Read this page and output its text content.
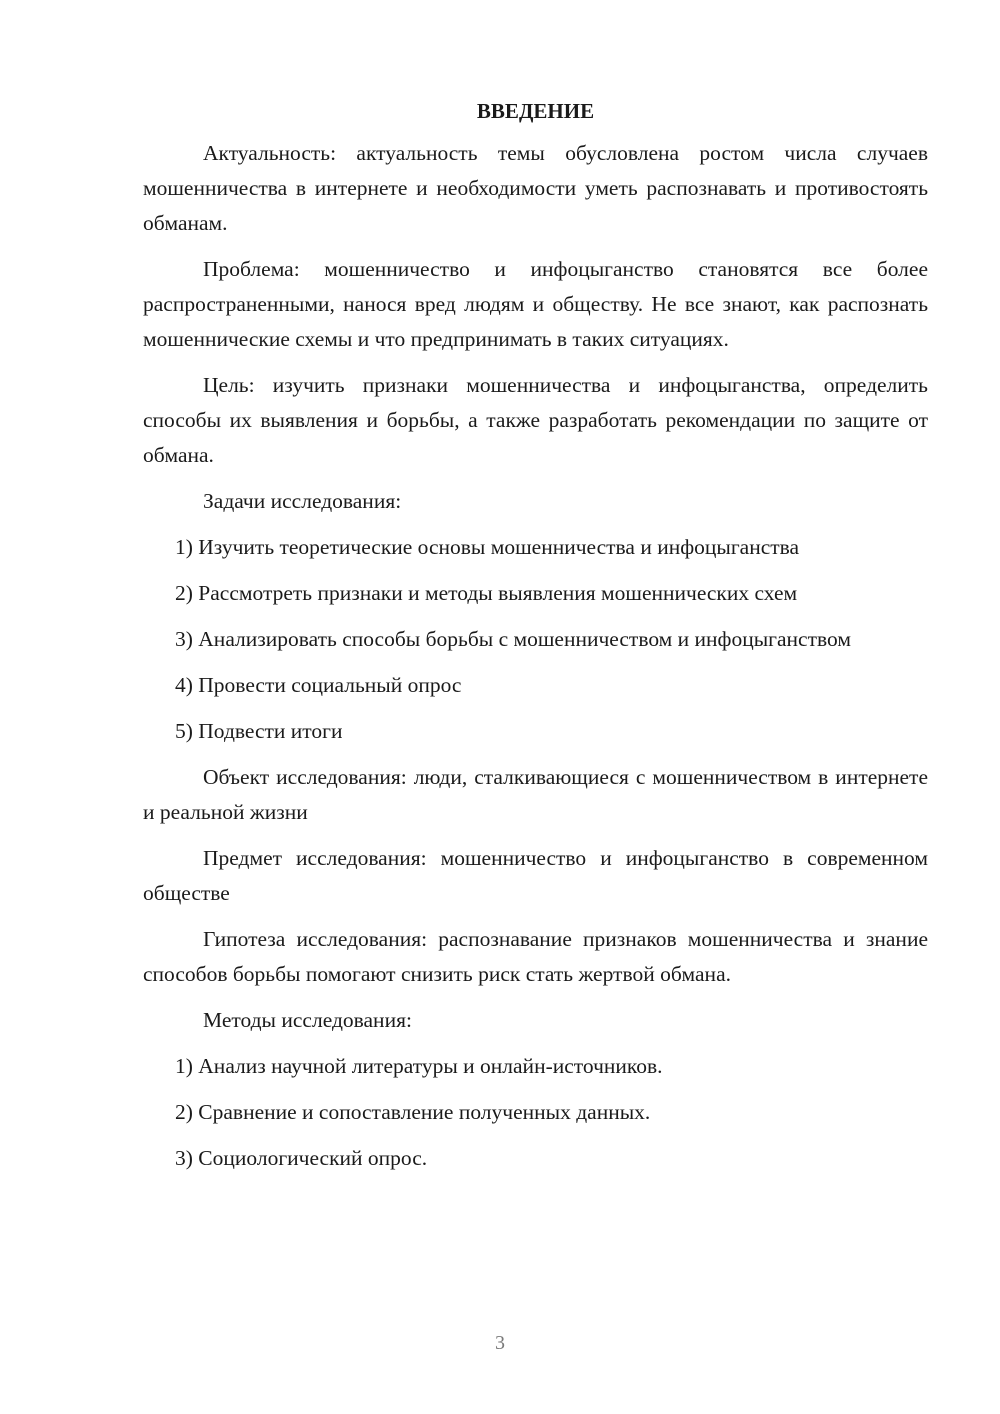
ВВЕДЕНИЕ

Актуальность: актуальность темы обусловлена ростом числа случаев мошенничества в интернете и необходимости уметь распознавать и противостоять обманам.

Проблема: мошенничество и инфоцыганство становятся все более распространенными, нанося вред людям и обществу. Не все знают, как распознать мошеннические схемы и что предпринимать в таких ситуациях.

Цель: изучить признаки мошенничества и инфоцыганства, определить способы их выявления и борьбы, а также разработать рекомендации по защите от обмана.

Задачи исследования:

1) Изучить теоретические основы мошенничества и инфоцыганства

2) Рассмотреть признаки и методы выявления мошеннических схем

3) Анализировать способы борьбы с мошенничеством и инфоцыганством

4) Провести социальный опрос

5) Подвести итоги

Объект исследования: люди, сталкивающиеся с мошенничеством в интернете и реальной жизни

Предмет исследования: мошенничество и инфоцыганство в современном обществе

Гипотеза исследования: распознавание признаков мошенничества и знание способов борьбы помогают снизить риск стать жертвой обмана.

Методы исследования:

1) Анализ научной литературы и онлайн-источников.

2) Сравнение и сопоставление полученных данных.

3) Социологический опрос.

3
